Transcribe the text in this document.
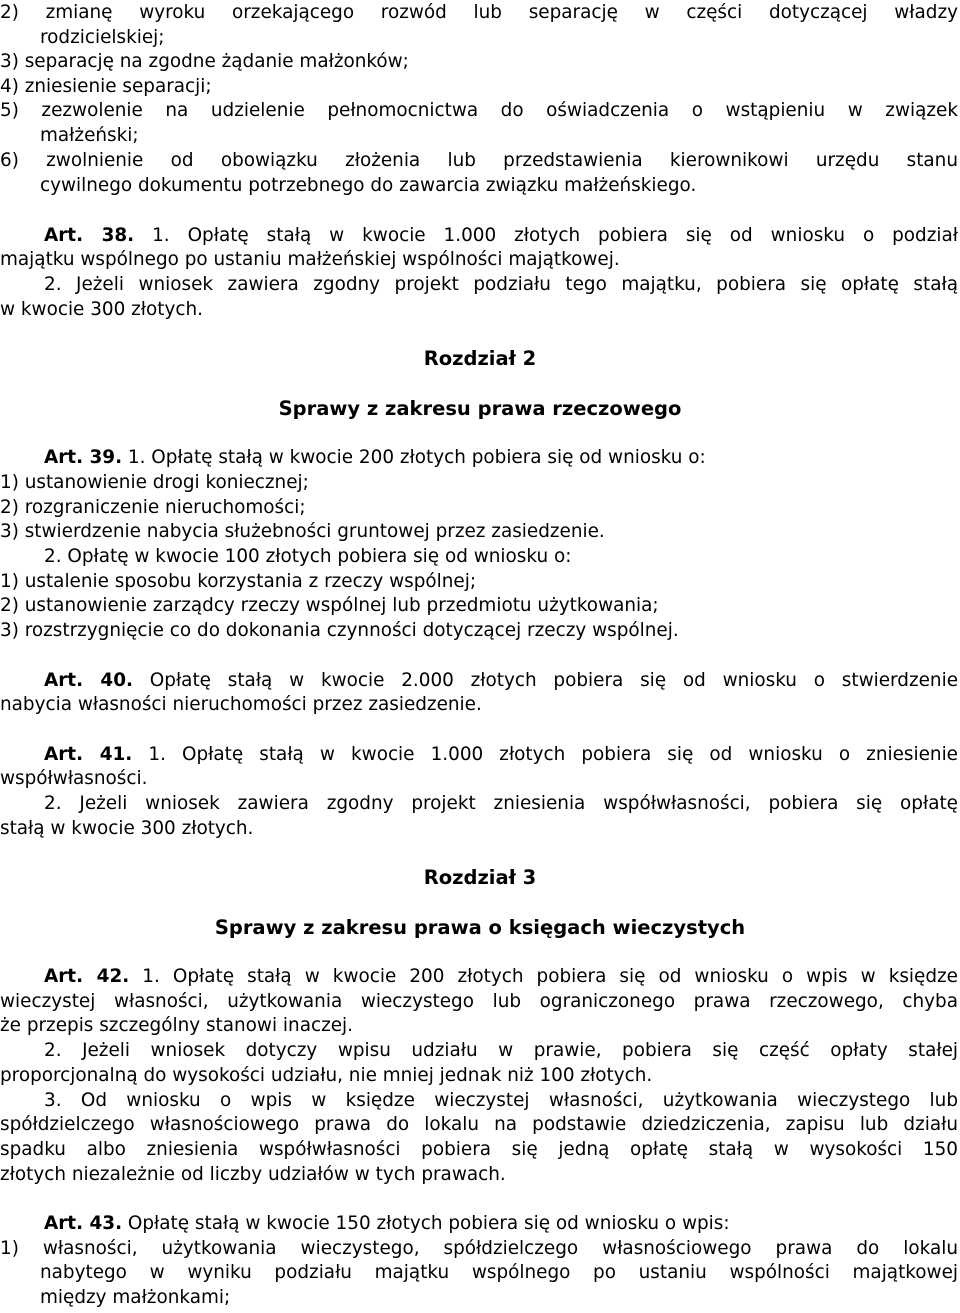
2) zmianę wyroku orzekającego rozwód lub separację w części dotyczącej władzy
rodzicielskiej;
3) separację na zgodne żądanie małżonków;
4) zniesienie separacji;
5) zezwolenie na udzielenie pełnomocnictwa do oświadczenia o wstąpieniu w związek
małżeński;
6) zwolnienie od obowiązku złożenia lub przedstawienia kierownikowi urzędu stanu
cywilnego dokumentu potrzebnego do zawarcia związku małżeńskiego.
Art. 38. 1. Opłatę stałą w kwocie 1.000 złotych pobiera się od wniosku o podział
majątku wspólnego po ustaniu małżeńskiej wspólności majątkowej.
2. Jeżeli wniosek zawiera zgodny projekt podziału tego majątku, pobiera się opłatę stałą
w kwocie 300 złotych.
Rozdział 2
Sprawy z zakresu prawa rzeczowego
Art. 39. 1. Opłatę stałą w kwocie 200 złotych pobiera się od wniosku o:
1) ustanowienie drogi koniecznej;
2) rozgraniczenie nieruchomości;
3) stwierdzenie nabycia służebności gruntowej przez zasiedzenie.
2. Opłatę w kwocie 100 złotych pobiera się od wniosku o:
1) ustalenie sposobu korzystania z rzeczy wspólnej;
2) ustanowienie zarządcy rzeczy wspólnej lub przedmiotu użytkowania;
3) rozstrzygnięcie co do dokonania czynności dotyczącej rzeczy wspólnej.
Art. 40. Opłatę stałą w kwocie 2.000 złotych pobiera się od wniosku o stwierdzenie
nabycia własności nieruchomości przez zasiedzenie.
Art. 41. 1. Opłatę stałą w kwocie 1.000 złotych pobiera się od wniosku o zniesienie
współwłasności.
2. Jeżeli wniosek zawiera zgodny projekt zniesienia współwłasności, pobiera się opłatę
stałą w kwocie 300 złotych.
Rozdział 3
Sprawy z zakresu prawa o księgach wieczystych
Art. 42. 1. Opłatę stałą w kwocie 200 złotych pobiera się od wniosku o wpis w księdze
wieczystej własności, użytkowania wieczystego lub ograniczonego prawa rzeczowego, chyba
że przepis szczególny stanowi inaczej.
2. Jeżeli wniosek dotyczy wpisu udziału w prawie, pobiera się część opłaty stałej
proporcjonalną do wysokości udziału, nie mniej jednak niż 100 złotych.
3. Od wniosku o wpis w księdze wieczystej własności, użytkowania wieczystego lub
spółdzielczego własnościowego prawa do lokalu na podstawie dziedziczenia, zapisu lub działu
spadku albo zniesienia współwłasności pobiera się jedną opłatę stałą w wysokości 150
złotych niezależnie od liczby udziałów w tych prawach.
Art. 43. Opłatę stałą w kwocie 150 złotych pobiera się od wniosku o wpis:
1) własności, użytkowania wieczystego, spółdzielczego własnościowego prawa do lokalu
nabytego w wyniku podziału majątku wspólnego po ustaniu wspólności majątkowej
między małżonkami;
